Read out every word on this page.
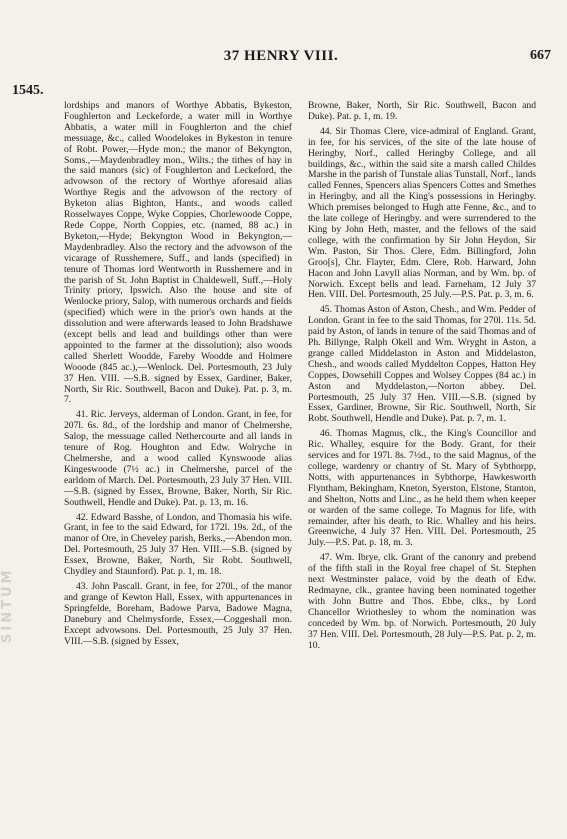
37 HENRY VIII.	667
1545.
SINTUM

lordships and manors of Worthye Abbatis, Bykeston, Foughlerton and Leckeforde, a water mill in Worthye Abbatis, a water mill in Foughlerton and the chief messuage, &c., called Woodelokes in Bykeston in tenure of Robt. Power,—Hyde mon.; the manor of Bekyngton, Soms.,—Maydenbradley mon., Wilts.; the tithes of hay in the said manors (sic) of Foughlerton and Leckeford, the advowson of the rectory of Worthye aforesaid alias Worthye Regis and the advowson of the rectory of Byketon alias Bighton, Hants., and woods called Rosselwayes Coppe, Wyke Coppies, Chorlewoode Coppe, Rede Coppe, North Coppies, etc. (named, 88 ac.) in Byketon,—Hyde; Bekyngton Wood in Bekyngton,—Maydenbradley. Also the rectory and the advowson of the vicarage of Russhemere, Suff., and lands (specified) in tenure of Thomas lord Wentworth in Russhemere and in the parish of St. John Baptist in Chaldewell, Suff.,—Holy Trinity priory, Ipswich. Also the house and site of Wenlocke priory, Salop, with numerous orchards and fields (specified) which were in the prior's own hands at the dissolution and were afterwards leased to John Bradshawe (except bells and lead and buildings other than were appointed to the farmer at the dissolution); also woods called Sherlett Woodde, Fareby Woodde and Holmere Wooode (845 ac.),—Wenlock. Del. Portesmouth, 23 July 37 Hen. VIII. —S.B. signed by Essex, Gardiner, Baker, North, Sir Ric. Southwell, Bacon and Duke). Pat. p. 3, m. 7.

41. Ric. Jerveys, alderman of London. Grant, in fee, for 207l. 6s. 8d., of the lordship and manor of Chelmershe, Salop, the messuage called Nethercourte and all lands in tenure of Rog. Houghton and Edw. Wolryche in Chelmershe, and a wood called Kynswoode alias Kingeswoode (7½ ac.) in Chelmershe, parcel of the earldom of March. Del. Portesmouth, 23 July 37 Hen. VIII.—S.B. (signed by Essex, Browne, Baker, North, Sir Ric. Southwell, Hendle and Duke). Pat. p. 13, m. 16.

42. Edward Basshe, of London, and Thomasia his wife. Grant, in fee to the said Edward, for 172l. 19s. 2d., of the manor of Ore, in Cheveley parish, Berks.,—Abendon mon. Del. Portesmouth, 25 July 37 Hen. VIII.—S.B. (signed by Essex, Browne, Baker, North, Sir Robt. Southwell, Chydley and Staunford). Pat. p. 1, m. 18.

43. John Pascall. Grant, in fee, for 270l., of the manor and grange of Kewton Hall, Essex, with appurtenances in Springfelde, Boreham, Badowe Parva, Badowe Magna, Danebury and Chelmysforde, Essex,—Coggeshall mon. Except advowsons. Del. Portesmouth, 25 July 37 Hen. VIII.—S.B. (signed by Essex,

Browne, Baker, North, Sir Ric. Southwell, Bacon and Duke). Pat. p. 1, m. 19.

44. Sir Thomas Clere, vice-admiral of England. Grant, in fee, for his services, of the site of the late house of Heringby, Norf., called Heringby College, and all buildings, &c., within the said site a marsh called Childes Marshe in the parish of Tunstale alias Tunstall, Norf., lands called Fennes, Spencers alias Spencers Cottes and Smethes in Heringby, and all the King's possessions in Heringby. Which premises belonged to Hugh atte Fenne, &c., and to the late college of Heringby. and were surrendered to the King by John Heth, master, and the fellows of the said college, with the confirmation by Sir John Heydon, Sir Wm. Paston, Sir Thos. Clere, Edm. Billingford, John Groo[s], Chr. Flayter, Edm. Clere, Rob. Harward, John Hacon and John Lavyll alias Norman, and by Wm. bp. of Norwich. Except bells and lead. Farneham, 12 July 37 Hen. VIII. Del. Portesmouth, 25 July.—P.S. Pat. p. 3, m. 6.

45. Thomas Aston of Aston, Chesh., and Wm. Pedder of London. Grant in fee to the said Thomas, for 270l. 11s. 5d. paid by Aston, of lands in tenure of the said Thomas and of Ph. Billynge, Ralph Okell and Wm. Wryght in Aston, a grange called Middelaston in Aston and Middelaston, Chesh., and woods called Myddelton Coppes, Hatton Hey Coppes, Dowsehill Coppes and Wolsey Coppes (84 ac.) in Aston and Myddelaston,—Norton abbey. Del. Portesmouth, 25 July 37 Hen. VIII.—S.B. (signed by Essex, Gardiner, Browne, Sir Ric. Southwell, North, Sir Robt. Southwell, Hendle and Duke). Pat. p. 7, m. 1.

46. Thomas Magnus, clk., the King's Councillor and Ric. Whalley, esquire for the Body. Grant, for their services and for 197l. 8s. 7½d., to the said Magnus, of the college, wardenry or chantry of St. Mary of Sybthorpp, Notts, with appurtenances in Sybthorpe, Hawkesworth Flyntham, Bekingham, Kneton, Syerston, Elstone, Stanton, and Shelton, Notts and Linc., as he held them when keeper or warden of the same college. To Magnus for life, with remainder, after his death, to Ric. Whalley and his heirs. Greenwiche, 4 July 37 Hen. VIII. Del. Portesmouth, 25 July.—P.S. Pat. p. 18, m. 3.

47. Wm. Ibrye, clk. Grant of the canonry and prebend of the fifth stall in the Royal free chapel of St. Stephen next Westminster palace, void by the death of Edw. Redmayne, clk., grantee having been nominated together with John Buttre and Thos. Ebbe, clks., by Lord Chancellor Wriothesley to whom the nomination was conceded by Wm. bp. of Norwich. Portesmouth, 20 July 37 Hen. VIII. Del. Portesmouth, 28 July—P.S. Pat. p. 2, m. 10.
